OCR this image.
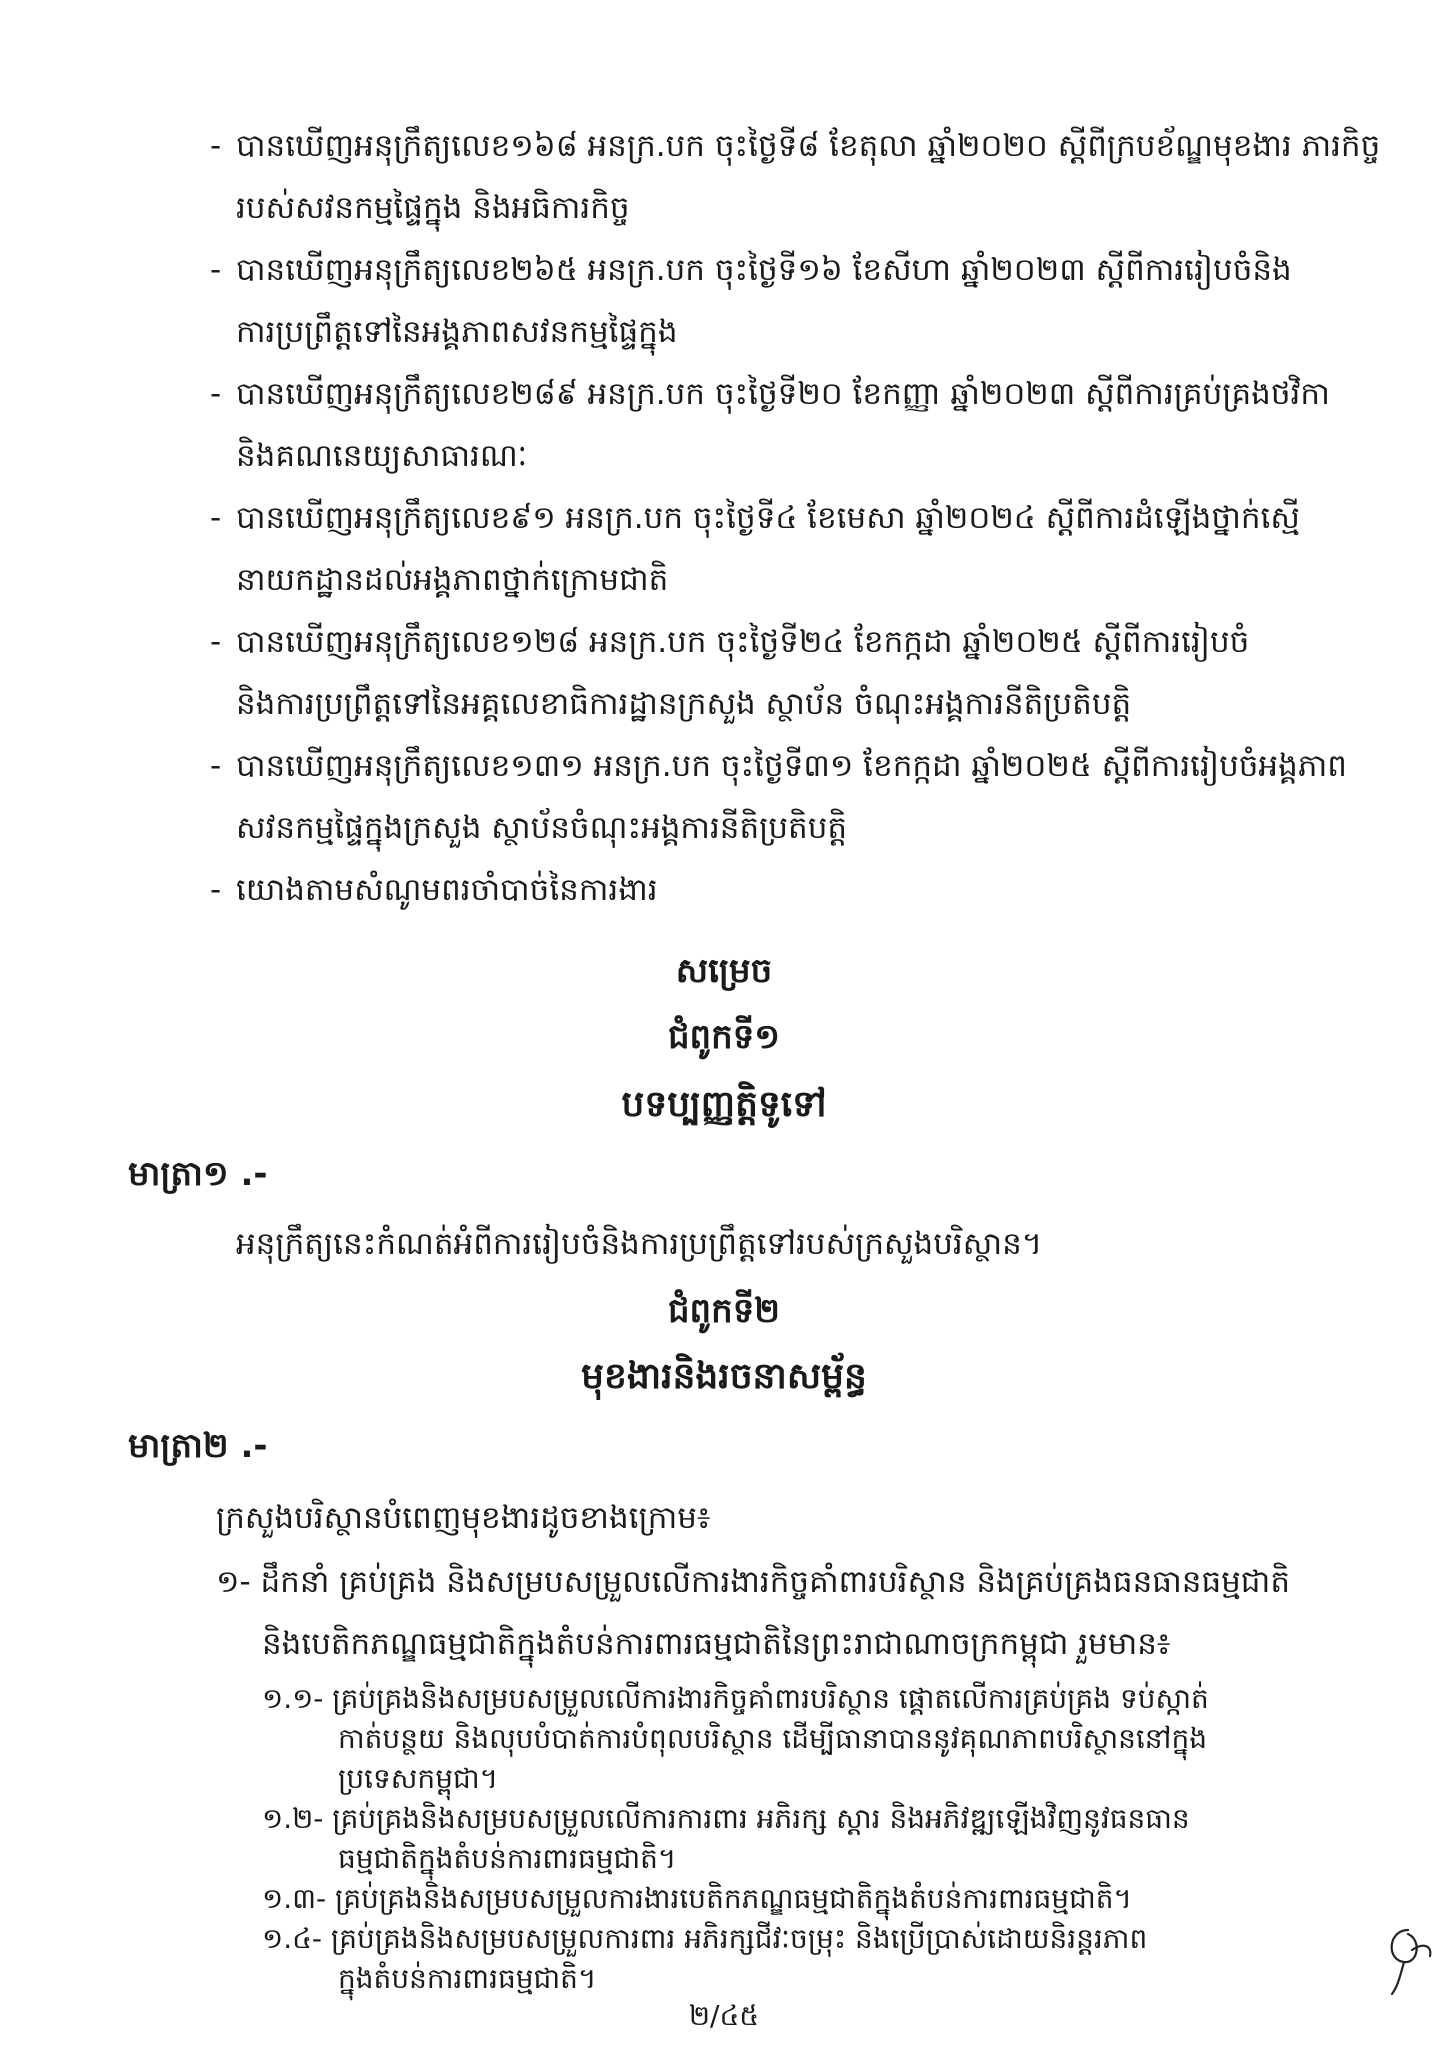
- បានឃើញអនុក្រឹត្យលេខ១៦៨ អនក្រ.បក ចុះថ្ងៃទី៨ ខែតុលា ឆ្នាំ២០២០ ស្ដីពីក្របខ័ណ្ឌមុខងារ ភារកិច្ច
របស់សវនកម្មផ្ទៃក្នុង និងអធិការកិច្ច
- បានឃើញអនុក្រឹត្យលេខ២៦៥ អនក្រ.បក ចុះថ្ងៃទី១៦ ខែសីហា ឆ្នាំ២០២៣ ស្ដីពីការរៀបចំនិង
ការប្រព្រឹត្តទៅនៃអង្គភាពសវនកម្មផ្ទៃក្នុង
- បានឃើញអនុក្រឹត្យលេខ២៨៩ អនក្រ.បក ចុះថ្ងៃទី២០ ខែកញ្ញា ឆ្នាំ២០២៣ ស្ដីពីការគ្រប់គ្រងថវិកា
និងគណនេយ្យសាធារណៈ
- បានឃើញអនុក្រឹត្យលេខ៩១ អនក្រ.បក ចុះថ្ងៃទី៤ ខែមេសា ឆ្នាំ២០២៤ ស្ដីពីការដំឡើងថ្នាក់ស្មើ
នាយកដ្ឋានដល់អង្គភាពថ្នាក់ក្រោមជាតិ
- បានឃើញអនុក្រឹត្យលេខ១២៨ អនក្រ.បក ចុះថ្ងៃទី២៤ ខែកក្កដា ឆ្នាំ២០២៥ ស្ដីពីការរៀបចំ
និងការប្រព្រឹត្តទៅនៃអគ្គលេខាធិការដ្ឋានក្រសួង ស្ថាប័ន ចំណុះអង្គការនីតិប្រតិបត្តិ
- បានឃើញអនុក្រឹត្យលេខ១៣១ អនក្រ.បក ចុះថ្ងៃទី៣១ ខែកក្កដា ឆ្នាំ២០២៥ ស្ដីពីការរៀបចំអង្គភាព
សវនកម្មផ្ទៃក្នុងក្រសួង ស្ថាប័នចំណុះអង្គការនីតិប្រតិបត្តិ
- យោងតាមសំណូមពរចាំបាច់នៃការងារ
សម្រេច
ជំពូកទី១
បទប្បញ្ញត្តិទូទៅ
មាត្រា១ .-
អនុក្រឹត្យនេះកំណត់អំពីការរៀបចំនិងការប្រព្រឹត្តទៅរបស់ក្រសួងបរិស្ថាន។
ជំពូកទី២
មុខងារនិងរចនាសម្ព័ន្ធ
មាត្រា២ .-
ក្រសួងបរិស្ថានបំពេញមុខងារដូចខាងក្រោម៖
១- ដឹកនាំ គ្រប់គ្រង និងសម្របសម្រួលលើការងារកិច្ចគាំពារបរិស្ថាន និងគ្រប់គ្រងធនធានធម្មជាតិ
និងបេតិកភណ្ឌធម្មជាតិក្នុងតំបន់ការពារធម្មជាតិនៃព្រះរាជាណាចក្រកម្ពុជា រួមមាន៖
២/៤៥
១.១- គ្រប់គ្រងនិងសម្របសម្រួលលើការងារកិច្ចគាំពារបរិស្ថាន ផ្ដោតលើការគ្រប់គ្រង ទប់ស្កាត់
កាត់បន្ថយ និងលុបបំបាត់ការបំពុលបរិស្ថាន ដើម្បីធានាបាននូវគុណភាពបរិស្ថាននៅក្នុង
ប្រទេសកម្ពុជា។
១.២- គ្រប់គ្រងនិងសម្របសម្រួលលើការការពារ អភិរក្ស ស្ដារ និងអភិវឌ្ឍឡើងវិញនូវធនធាន
ធម្មជាតិក្នុងតំបន់ការពារធម្មជាតិ។
១.៣- គ្រប់គ្រងនិងសម្របសម្រួលការងារបេតិកភណ្ឌធម្មជាតិក្នុងតំបន់ការពារធម្មជាតិ។
១.៤- គ្រប់គ្រងនិងសម្របសម្រួលការពារ អភិរក្សជីវៈចម្រុះ និងប្រើប្រាស់ដោយនិរន្តរភាព
ក្នុងតំបន់ការពារធម្មជាតិ។
